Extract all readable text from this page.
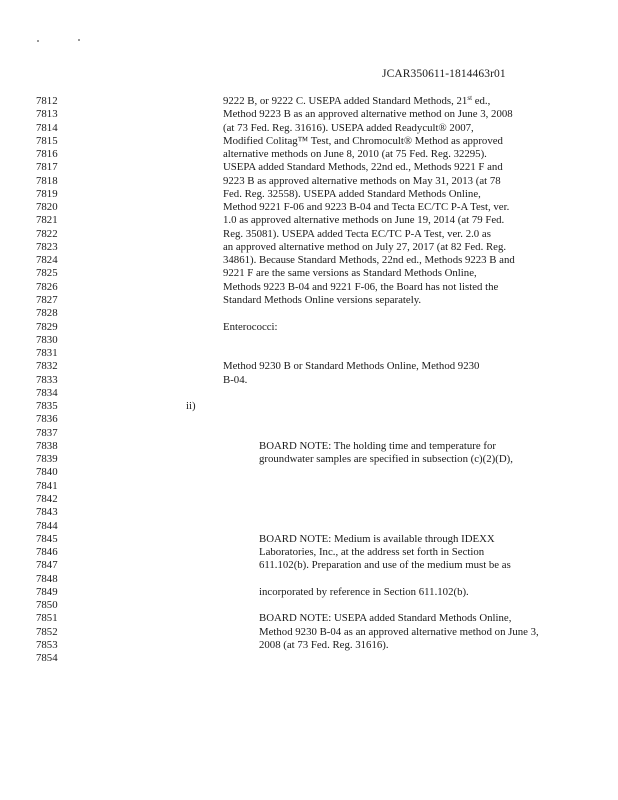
JCAR350611-1814463r01
7812	9222 B, or 9222 C. USEPA added Standard Methods, 21st ed.,
7813	Method 9223 B as an approved alternative method on June 3, 2008
7814	(at 73 Fed. Reg. 31616). USEPA added Readycult® 2007,
7815	Modified Colitag™ Test, and Chromocult® Method as approved
7816	alternative methods on June 8, 2010 (at 75 Fed. Reg. 32295).
7817	USEPA added Standard Methods, 22nd ed., Methods 9221 F and
7818	9223 B as approved alternative methods on May 31, 2013 (at 78
7819	Fed. Reg. 32558). USEPA added Standard Methods Online,
7820	Method 9221 F-06 and 9223 B-04 and Tecta EC/TC P-A Test, ver.
7821	1.0 as approved alternative methods on June 19, 2014 (at 79 Fed.
7822	Reg. 35081). USEPA added Tecta EC/TC P-A Test, ver. 2.0 as
7823	an approved alternative method on July 27, 2017 (at 82 Fed. Reg.
7824	34861). Because Standard Methods, 22nd ed., Methods 9223 B and
7825	9221 F are the same versions as Standard Methods Online,
7826	Methods 9223 B-04 and 9221 F-06, the Board has not listed the
7827	Standard Methods Online versions separately.
7828
7829	Enterococci:
7830
7831
7832	Method 9230 B or Standard Methods Online, Method 9230
7833	B-04.
7834
7835	ii)
7836
7837
7838	BOARD NOTE: The holding time and temperature for
7839	groundwater samples are specified in subsection (c)(2)(D),
7840
7841
7842
7843
7844
7845	BOARD NOTE: Medium is available through IDEXX
7846	Laboratories, Inc., at the address set forth in Section
7847	611.102(b). Preparation and use of the medium must be as
7848
7849	incorporated by reference in Section 611.102(b).
7850
7851	BOARD NOTE: USEPA added Standard Methods Online,
7852	Method 9230 B-04 as an approved alternative method on June 3,
7853	2008 (at 73 Fed. Reg. 31616).
7854
